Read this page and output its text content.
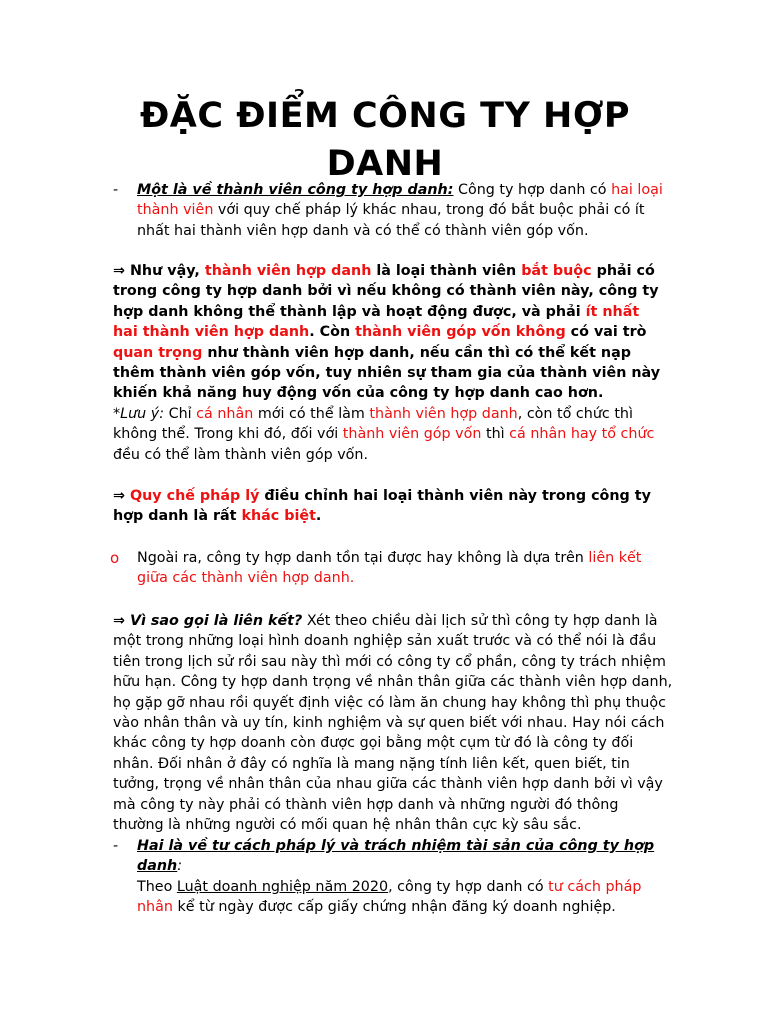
ĐẶC ĐIỂM CÔNG TY HỢP DANH
- Một là về thành viên công ty hợp danh: Công ty hợp danh có hai loại thành viên với quy chế pháp lý khác nhau, trong đó bắt buộc phải có ít nhất hai thành viên hợp danh và có thể có thành viên góp vốn.
⇒ Như vậy, thành viên hợp danh là loại thành viên bắt buộc phải có trong công ty hợp danh bởi vì nếu không có thành viên này, công ty hợp danh không thể thành lập và hoạt động được, và phải ít nhất hai thành viên hợp danh. Còn thành viên góp vốn không có vai trò quan trọng như thành viên hợp danh, nếu cần thì có thể kết nạp thêm thành viên góp vốn, tuy nhiên sự tham gia của thành viên này khiến khả năng huy động vốn của công ty hợp danh cao hơn.
*Lưu ý: Chỉ cá nhân mới có thể làm thành viên hợp danh, còn tổ chức thì không thể. Trong khi đó, đối với thành viên góp vốn thì cá nhân hay tổ chức đều có thể làm thành viên góp vốn.
⇒ Quy chế pháp lý điều chỉnh hai loại thành viên này trong công ty hợp danh là rất khác biệt.
o Ngoài ra, công ty hợp danh tồn tại được hay không là dựa trên liên kết giữa các thành viên hợp danh.
⇒ Vì sao gọi là liên kết? Xét theo chiều dài lịch sử thì công ty hợp danh là một trong những loại hình doanh nghiệp sản xuất trước và có thể nói là đầu tiên trong lịch sử rồi sau này thì mới có công ty cổ phần, công ty trách nhiệm hữu hạn. Công ty hợp danh trọng về nhân thân giữa các thành viên hợp danh, họ gặp gỡ nhau rồi quyết định việc có làm ăn chung hay không thì phụ thuộc vào nhân thân và uy tín, kinh nghiệm và sự quen biết với nhau. Hay nói cách khác công ty hợp doanh còn được gọi bằng một cụm từ đó là công ty đối nhân. Đối nhân ở đây có nghĩa là mang nặng tính liên kết, quen biết, tin tưởng, trọng về nhân thân của nhau giữa các thành viên hợp danh bởi vì vậy mà công ty này phải có thành viên hợp danh và những người đó thông thường là những người có mối quan hệ nhân thân cực kỳ sâu sắc.
- Hai là về tư cách pháp lý và trách nhiệm tài sản của công ty hợp danh:
Theo Luật doanh nghiệp năm 2020, công ty hợp danh có tư cách pháp nhân kể từ ngày được cấp giấy chứng nhận đăng ký doanh nghiệp.
